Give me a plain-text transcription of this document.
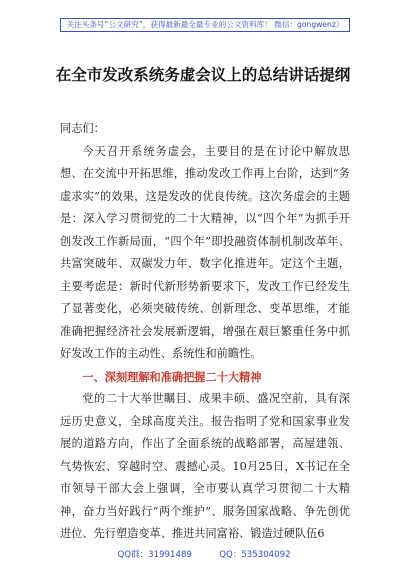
关注头条号“公文研究”，获得最新最全最专业的公文资料库！ 微信：gongwenz）
在全市发改系统务虚会议上的总结讲话提纲

同志们：

今天召开系统务虚会，主要目的是在讨论中解放思想、在交流中开拓思维，推动发改工作再上台阶，达到“务虚求实”的效果，这是发改的优良传统。这次务虚会的主题是：深入学习贯彻党的二十大精神，以“四个年”为抓手开创发改工作新局面，“四个年”即投融资体制机制改革年、共富突破年、双碳发力年、数字化推进年。定这个主题，主要考虑是：新时代新形势新要求下，发改工作已经发生了显著变化，必须突破传统、创新理念、变革思维，才能准确把握经济社会发展新逻辑，增强在艰巨繁重任务中抓好发改工作的主动性、系统性和前瞻性。

一、深刻理解和准确把握二十大精神

党的二十大举世瞩目、成果丰硕、盛况空前，具有深远历史意义，全球高度关注。报告指明了党和国家事业发展的道路方向，作出了全面系统的战略部署，高屋建瓴、气势恢宏、穿越时空、震撼心灵。10月25日，X书记在全市领导干部大会上强调，全市要认真学习贯彻二十大精神，奋力当好践行“两个维护”、服务国家战略、争先创优进位、先行塑造变革、推进共同富裕、锻造过硬队伍6

QQ群：31991489          QQ：535304092
